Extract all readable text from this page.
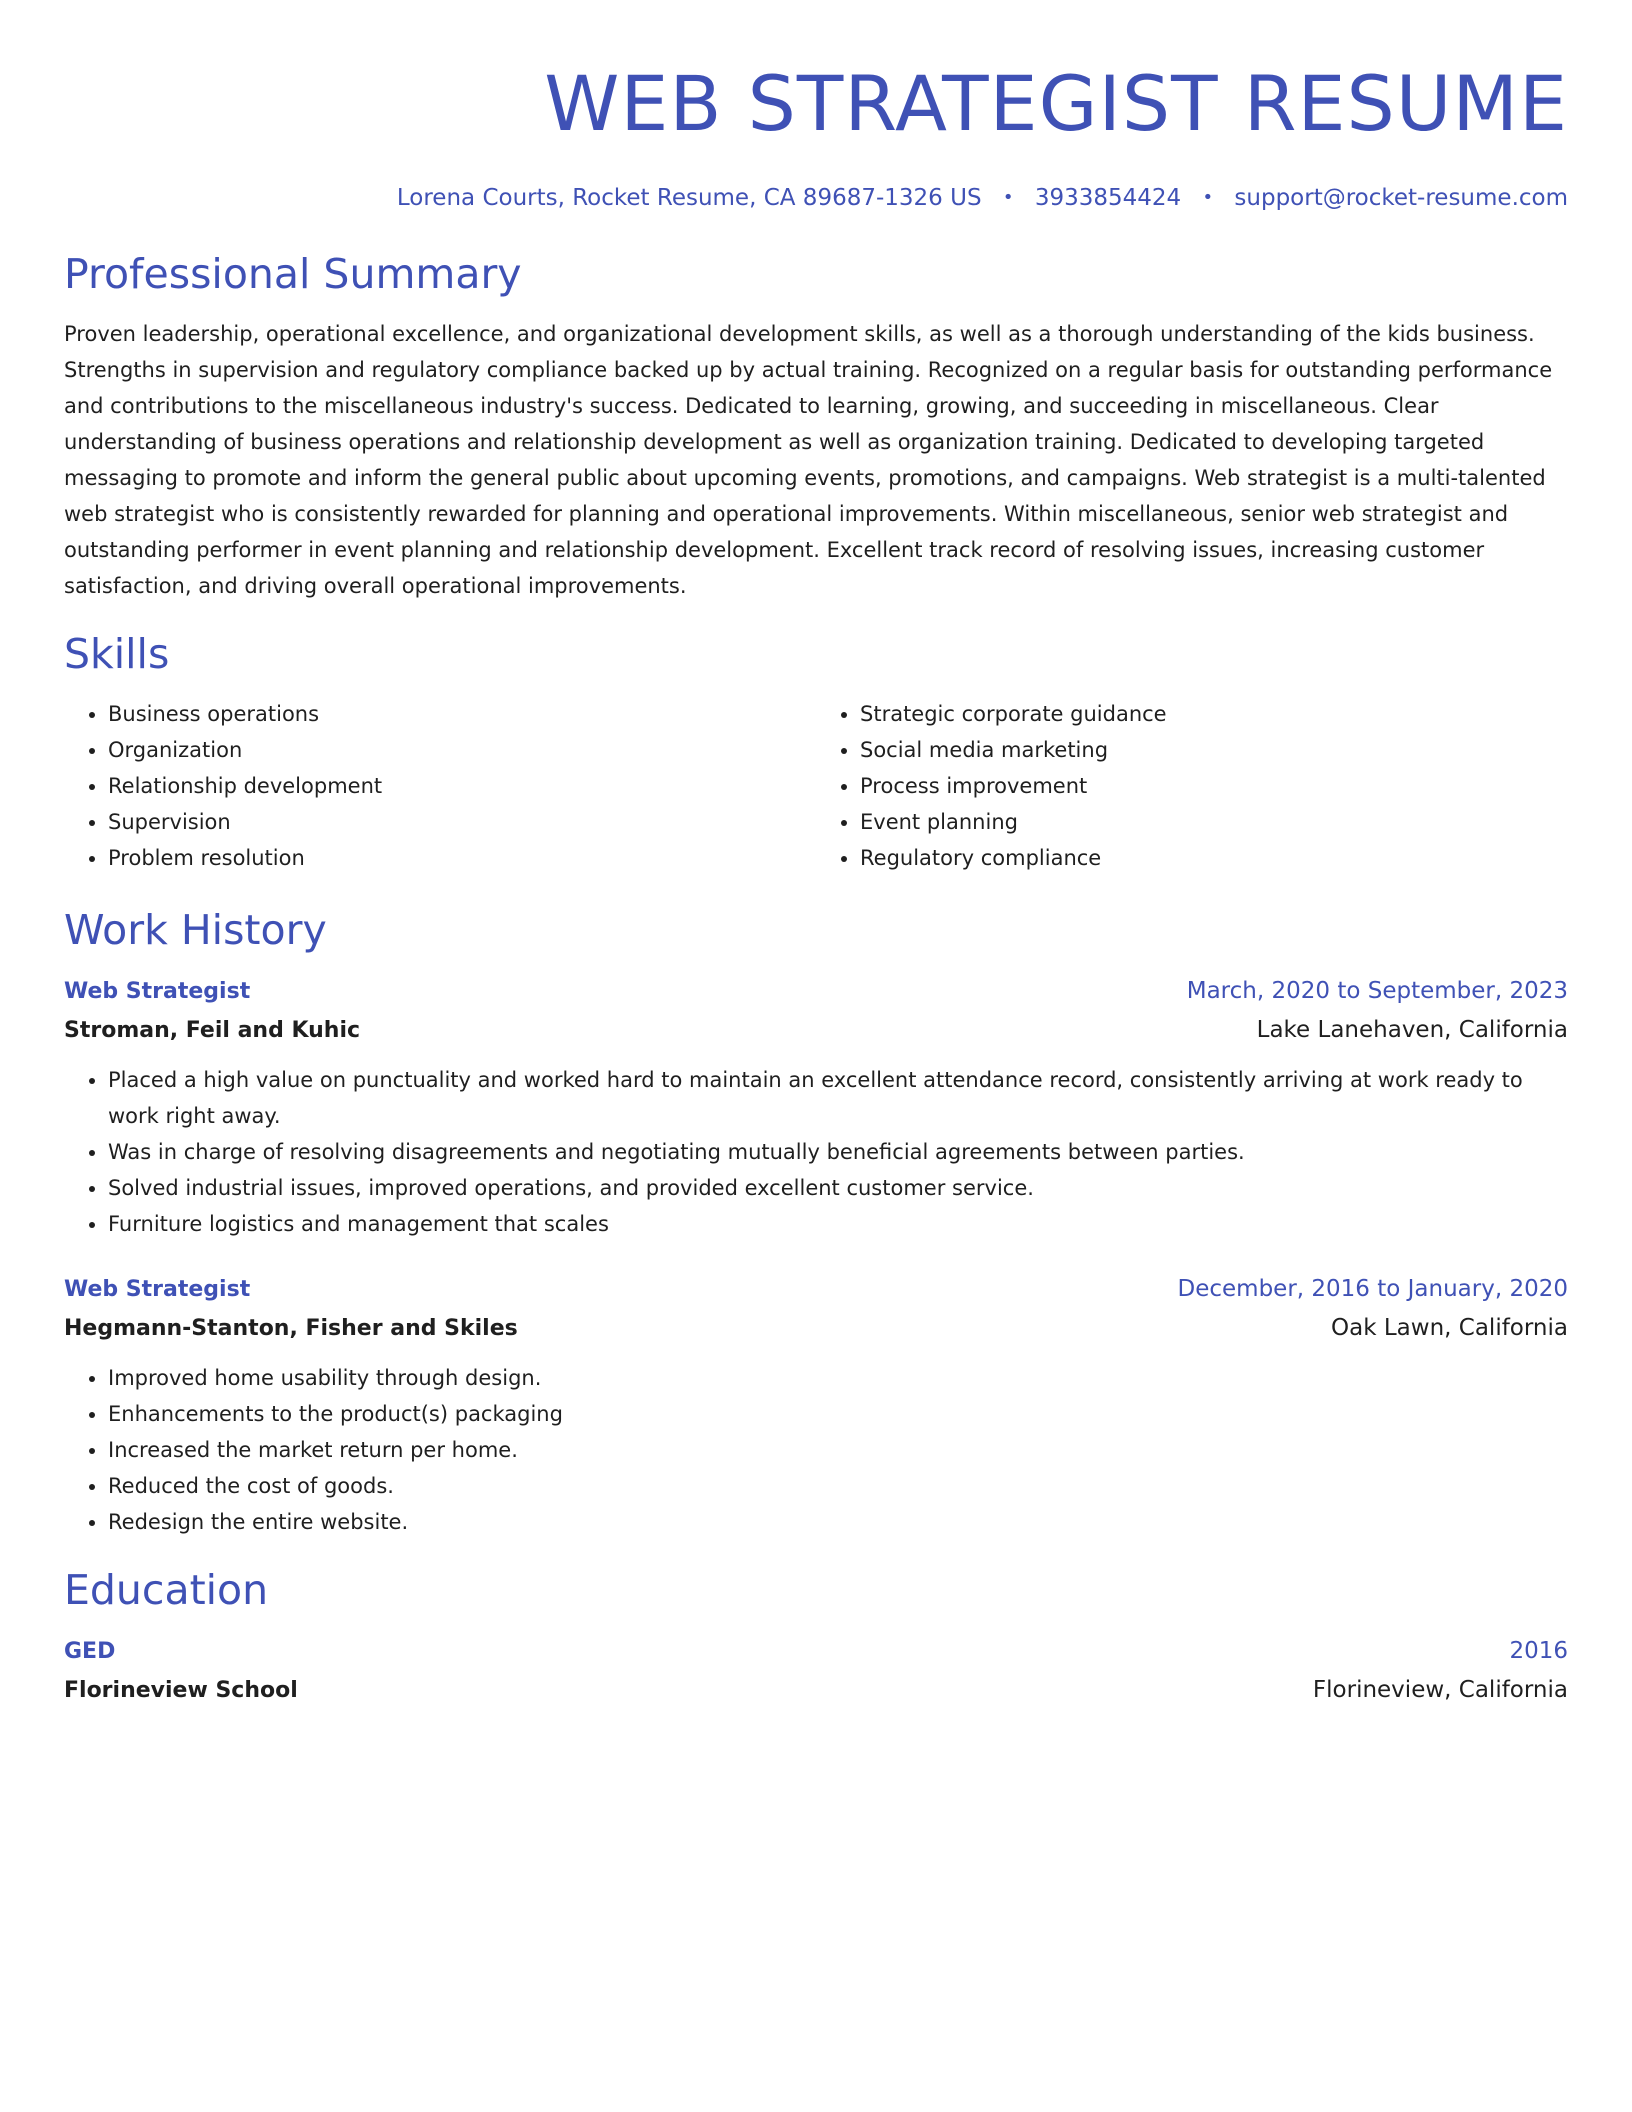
WEB STRATEGIST RESUME
Lorena Courts, Rocket Resume, CA 89687-1326 US • 3933854424 • support@rocket-resume.com
Professional Summary
Proven leadership, operational excellence, and organizational development skills, as well as a thorough understanding of the kids business. Strengths in supervision and regulatory compliance backed up by actual training. Recognized on a regular basis for outstanding performance and contributions to the miscellaneous industry's success. Dedicated to learning, growing, and succeeding in miscellaneous. Clear understanding of business operations and relationship development as well as organization training. Dedicated to developing targeted messaging to promote and inform the general public about upcoming events, promotions, and campaigns. Web strategist is a multi-talented web strategist who is consistently rewarded for planning and operational improvements. Within miscellaneous, senior web strategist and outstanding performer in event planning and relationship development. Excellent track record of resolving issues, increasing customer satisfaction, and driving overall operational improvements.
Skills
• Business operations
• Organization
• Relationship development
• Supervision
• Problem resolution
• Strategic corporate guidance
• Social media marketing
• Process improvement
• Event planning
• Regulatory compliance
Work History
Web Strategist	March, 2020 to September, 2023
Stroman, Feil and Kuhic	Lake Lanehaven, California
• Placed a high value on punctuality and worked hard to maintain an excellent attendance record, consistently arriving at work ready to work right away.
• Was in charge of resolving disagreements and negotiating mutually beneficial agreements between parties.
• Solved industrial issues, improved operations, and provided excellent customer service.
• Furniture logistics and management that scales
Web Strategist	December, 2016 to January, 2020
Hegmann-Stanton, Fisher and Skiles	Oak Lawn, California
• Improved home usability through design.
• Enhancements to the product(s) packaging
• Increased the market return per home.
• Reduced the cost of goods.
• Redesign the entire website.
Education
GED	2016
Florineview School	Florineview, California
